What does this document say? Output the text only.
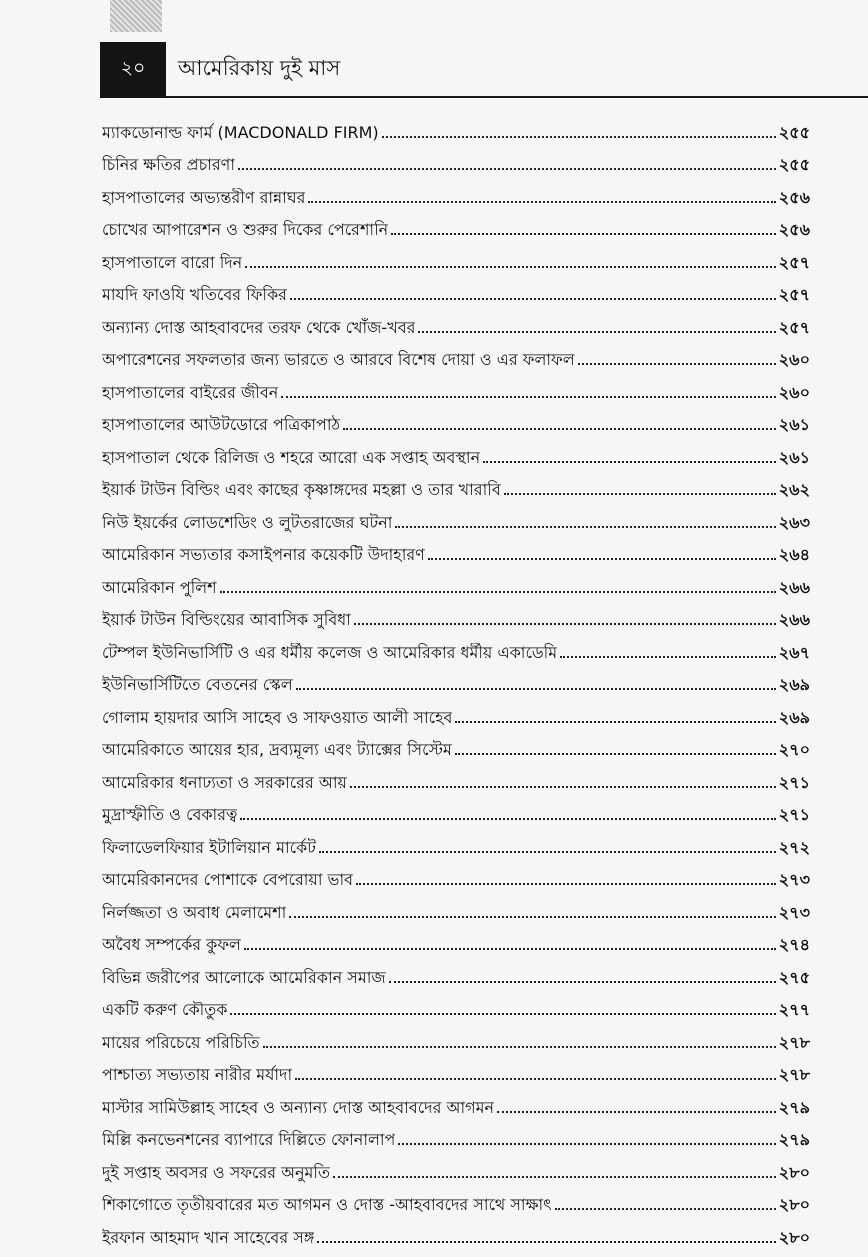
২০	আমেরিকায় দুই মাস
ম্যাকডোনাল্ড ফার্ম (MACDONALD FIRM)	২৫৫
চিনির ক্ষতির প্রচারণা	২৫৫
হাসপাতালের অভ্যন্তরীণ রান্নাঘর	২৫৬
চোখের আপারেশন ও শুরুর দিকের পেরেশানি	২৫৬
হাসপাতালে বারো দিন	২৫৭
মাযদি ফাওযি খতিবের ফিকির	২৫৭
অন্যান্য দোস্ত আহবাবদের তরফ থেকে খোঁজ-খবর	২৫৭
অপারেশনের সফলতার জন্য ভারতে ও আরবে বিশেষ দোয়া ও এর ফলাফল	২৬০
হাসপাতালের বাইরের জীবন	২৬০
হাসপাতালের আউটডোরে পত্রিকাপাঠ	২৬১
হাসপাতাল থেকে রিলিজ ও শহরে আরো এক সপ্তাহ অবস্থান	২৬১
ইয়ার্ক টাউন বিল্ডিং এবং কাছের কৃষ্ণাঙ্গদের মহল্লা ও তার খারাবি	২৬২
নিউ ইয়র্কের লোডশেডিং ও লুটতরাজের ঘটনা	২৬৩
আমেরিকান সভ্যতার কসাইপনার কয়েকটি উদাহারণ	২৬৪
আমেরিকান পুলিশ	২৬৬
ইয়ার্ক টাউন বিল্ডিংয়ের আবাসিক সুবিধা	২৬৬
টেম্পল ইউনিভার্সিটি ও এর ধর্মীয় কলেজ ও আমেরিকার ধর্মীয় একাডেমি	২৬৭
ইউনিভার্সিটিতে বেতনের স্কেল	২৬৯
গোলাম হায়দার আসি সাহেব ও সাফওয়াত আলী সাহেব	২৬৯
আমেরিকাতে আয়ের হার, দ্রব্যমূল্য এবং ট্যাক্সের সিস্টেম	২৭০
আমেরিকার ধনাঢ্যতা ও সরকারের আয়	২৭১
মুদ্রাস্ফীতি ও বেকারত্ব	২৭১
ফিলাডেলফিয়ার ইটালিয়ান মার্কেট	২৭২
আমেরিকানদের পোশাকে বেপরোয়া ভাব	২৭৩
নির্লজ্জতা ও অবাধ মেলামেশা	২৭৩
অবৈধ সম্পর্কের কুফল	২৭৪
বিভিন্ন জরীপের আলোকে আমেরিকান সমাজ	২৭৫
একটি করুণ কৌতুক	২৭৭
মায়ের পরিচেয়ে পরিচিতি	২৭৮
পাশ্চাত্য সভ্যতায় নারীর মর্যাদা	২৭৮
মাস্টার সামিউল্লাহ সাহেব ও অন্যান্য দোস্ত আহবাবদের আগমন	২৭৯
মিল্লি কনভেনশনের ব্যাপারে দিল্লিতে ফোনালাপ	২৭৯
দুই সপ্তাহ অবসর ও সফরের অনুমতি	২৮০
শিকাগোতে তৃতীয়বারের মত আগমন ও দোস্ত -আহবাবদের সাথে সাক্ষাৎ	২৮০
ইরফান আহমাদ খান সাহেবের সঙ্গ	২৮০
